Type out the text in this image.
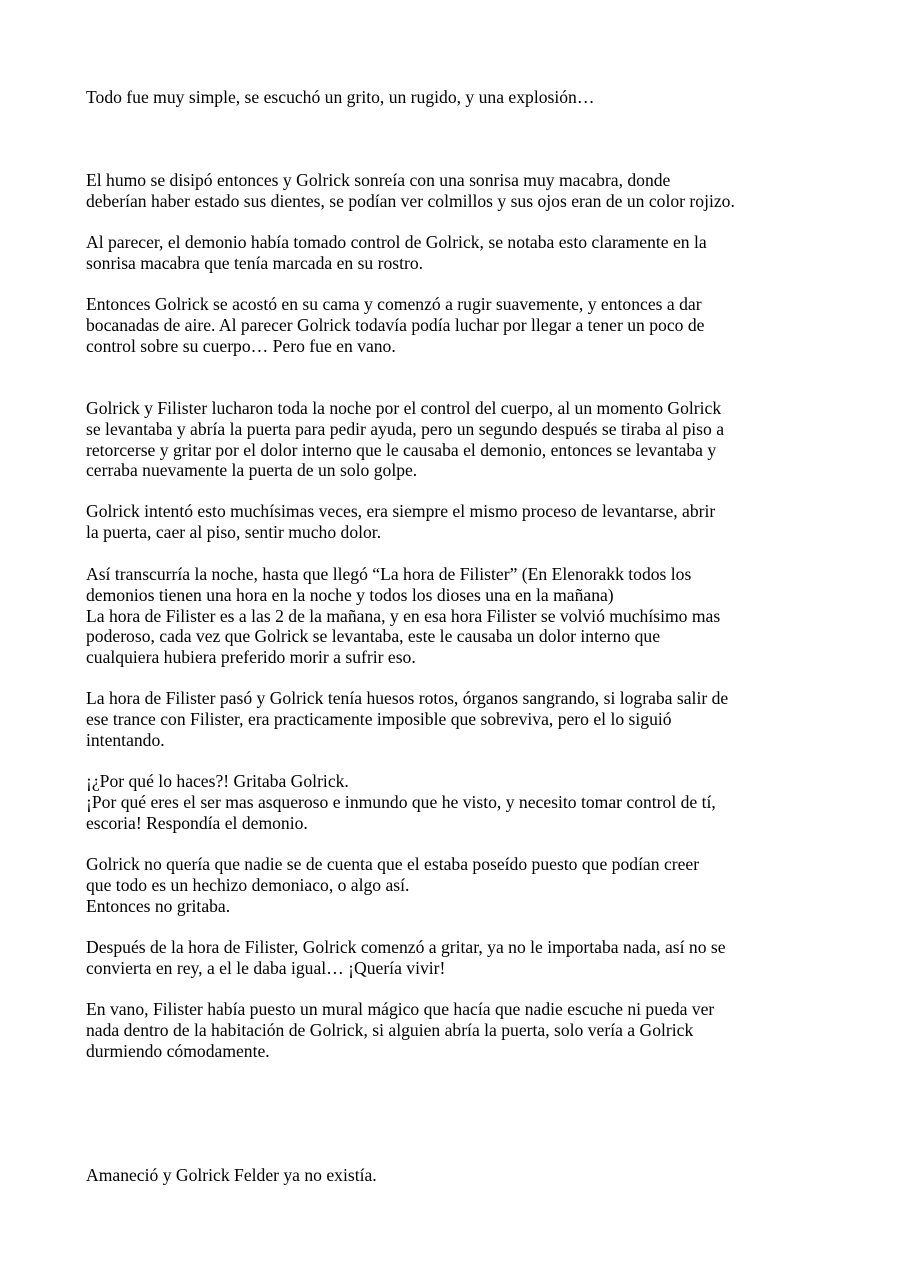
Todo fue muy simple, se escuchó un grito, un rugido, y una explosión…
El humo se disipó entonces y Golrick sonreía con una sonrisa muy macabra, donde
deberían haber estado sus dientes, se podían ver colmillos y sus ojos eran de un color rojizo.
Al parecer, el demonio había tomado control de Golrick, se notaba esto claramente en la
sonrisa macabra que tenía marcada en su rostro.
Entonces Golrick se acostó en su cama y comenzó a rugir suavemente, y entonces a dar
bocanadas de aire. Al parecer Golrick todavía podía luchar por llegar a tener un poco de
control sobre su cuerpo… Pero fue en vano.
Golrick y Filister lucharon toda la noche por el control del cuerpo, al un momento Golrick
se levantaba y abría la puerta para pedir ayuda, pero un segundo después se tiraba al piso a
retorcerse y gritar por el dolor interno que le causaba el demonio, entonces se levantaba y
cerraba nuevamente la puerta de un solo golpe.
Golrick intentó esto muchísimas veces, era siempre el mismo proceso de levantarse, abrir
la puerta, caer al piso, sentir mucho dolor.
Así transcurría la noche, hasta que llegó “La hora de Filister” (En Elenorakk todos los
demonios tienen una hora en la noche y todos los dioses una en la mañana)
La hora de Filister es a las 2 de la mañana, y en esa hora Filister se volvió muchísimo mas
poderoso, cada vez que Golrick se levantaba, este le causaba un dolor interno que
cualquiera hubiera preferido morir a sufrir eso.
La hora de Filister pasó y Golrick tenía huesos rotos, órganos sangrando, si lograba salir de
ese trance con Filister, era practicamente imposible que sobreviva, pero el lo siguió
intentando.
¡¿Por qué lo haces?! Gritaba Golrick.
¡Por qué eres el ser mas asqueroso e inmundo que he visto, y necesito tomar control de tí,
escoria! Respondía el demonio.
Golrick no quería que nadie se de cuenta que el estaba poseído puesto que podían creer
que todo es un hechizo demoniaco, o algo así.
Entonces no gritaba.
Después de la hora de Filister, Golrick comenzó a gritar, ya no le importaba nada, así no se
convierta en rey, a el le daba igual… ¡Quería vivir!
En vano, Filister había puesto un mural mágico que hacía que nadie escuche ni pueda ver
nada dentro de la habitación de Golrick, si alguien abría la puerta, solo vería a Golrick
durmiendo cómodamente.
Amaneció y Golrick Felder ya no existía.
